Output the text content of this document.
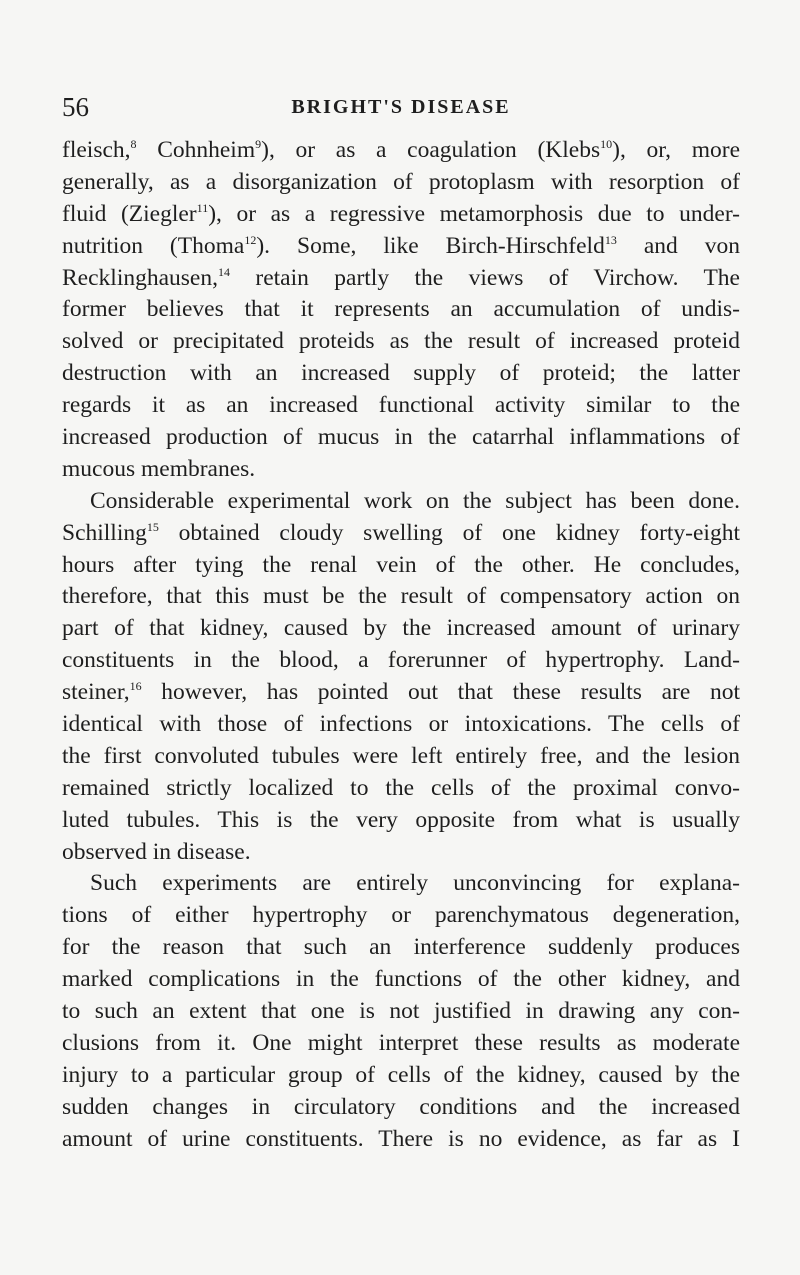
56	BRIGHT'S DISEASE
fleisch,$^8$ Cohnheim$^9$), or as a coagulation (Klebs$^{10}$), or, more
generally, as a disorganization of protoplasm with resorption of
fluid (Ziegler$^{11}$), or as a regressive metamorphosis due to under-
nutrition (Thoma$^{12}$). Some, like Birch-Hirschfeld$^{13}$ and von
Recklinghausen,$^{14}$ retain partly the views of Virchow. The
former believes that it represents an accumulation of undis-
solved or precipitated proteids as the result of increased proteid
destruction with an increased supply of proteid; the latter
regards it as an increased functional activity similar to the
increased production of mucus in the catarrhal inflammations of
mucous membranes.
Considerable experimental work on the subject has been done.
Schilling$^{15}$ obtained cloudy swelling of one kidney forty-eight
hours after tying the renal vein of the other. He concludes,
therefore, that this must be the result of compensatory action on
part of that kidney, caused by the increased amount of urinary
constituents in the blood, a forerunner of hypertrophy. Land-
steiner,$^{16}$ however, has pointed out that these results are not
identical with those of infections or intoxications. The cells of
the first convoluted tubules were left entirely free, and the lesion
remained strictly localized to the cells of the proximal convo-
luted tubules. This is the very opposite from what is usually
observed in disease.
Such experiments are entirely unconvincing for explana-
tions of either hypertrophy or parenchymatous degeneration,
for the reason that such an interference suddenly produces
marked complications in the functions of the other kidney, and
to such an extent that one is not justified in drawing any con-
clusions from it. One might interpret these results as moderate
injury to a particular group of cells of the kidney, caused by the
sudden changes in circulatory conditions and the increased
amount of urine constituents. There is no evidence, as far as I
